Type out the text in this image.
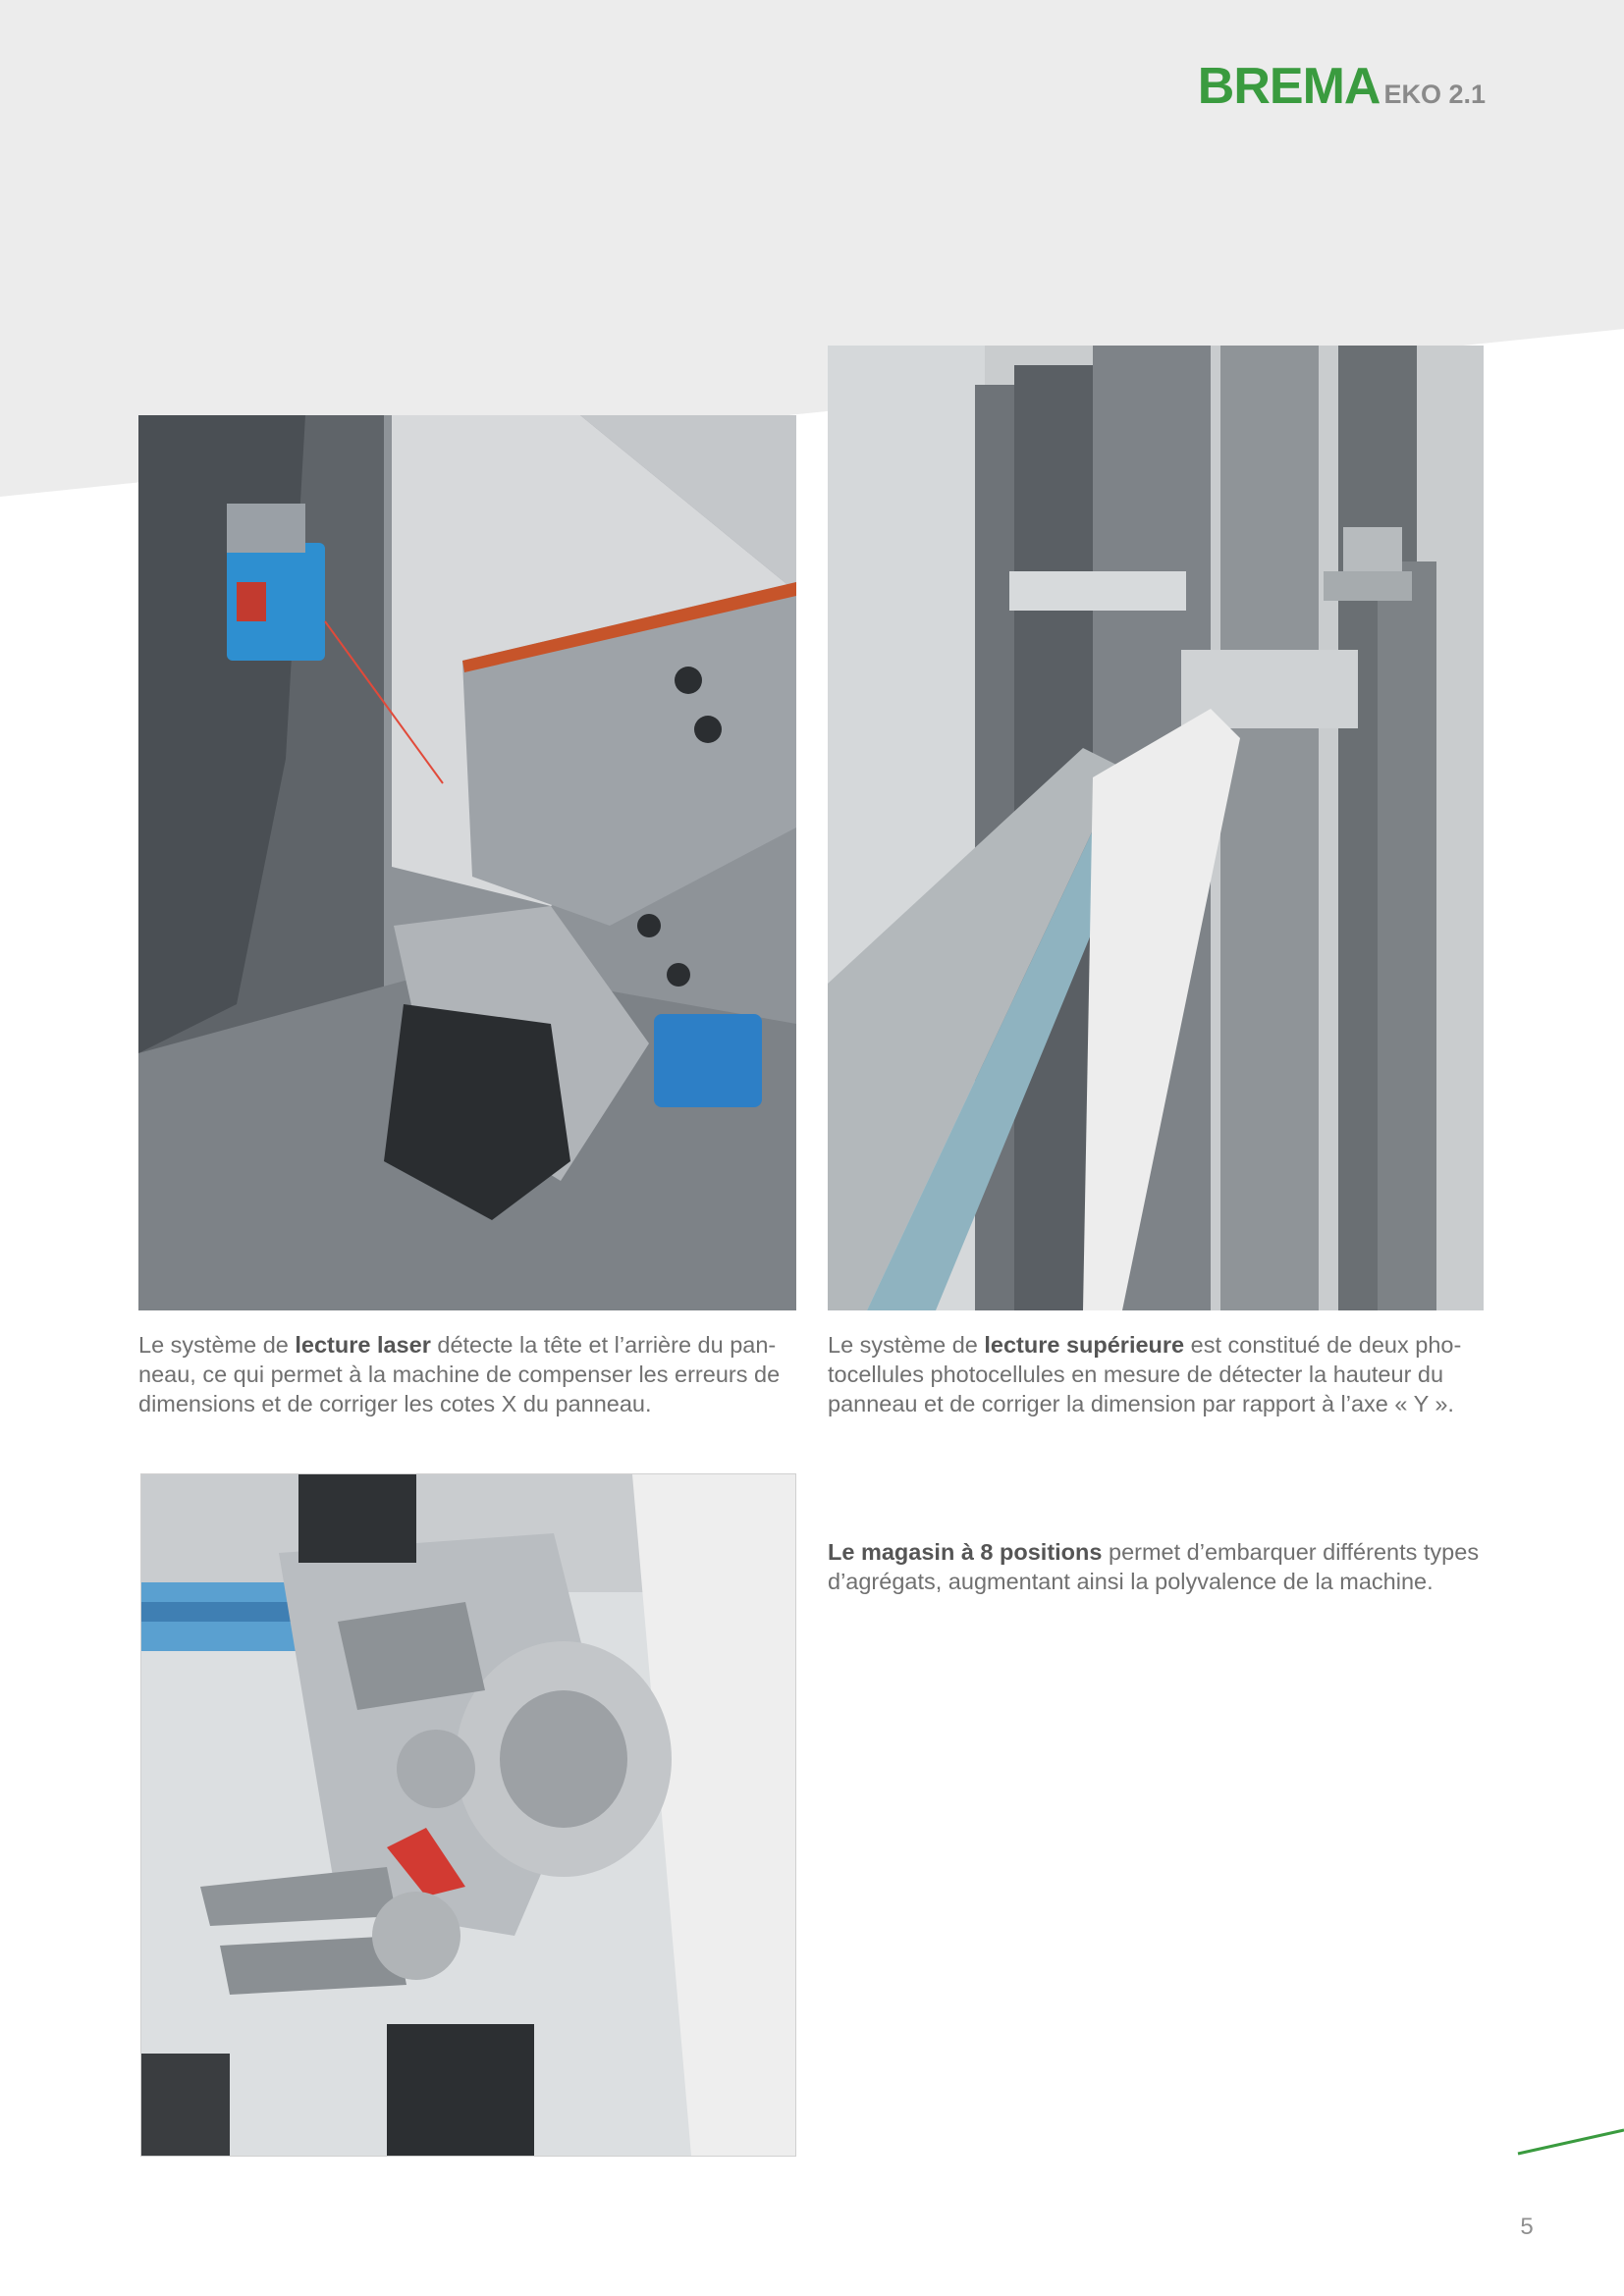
BREMA EKO 2.1

Le système de lecture laser détecte la tête et l’arrière du pan-
neau, ce qui permet à la machine de compenser les erreurs de
dimensions et de corriger les cotes X du panneau.

Le système de lecture supérieure est constitué de deux pho-
tocellules photocellules en mesure de détecter la hauteur du
panneau et de corriger la dimension par rapport à l’axe « Y ».

Le magasin à 8 positions permet d’embarquer différents types
d’agrégats, augmentant ainsi la polyvalence de la machine.

5
